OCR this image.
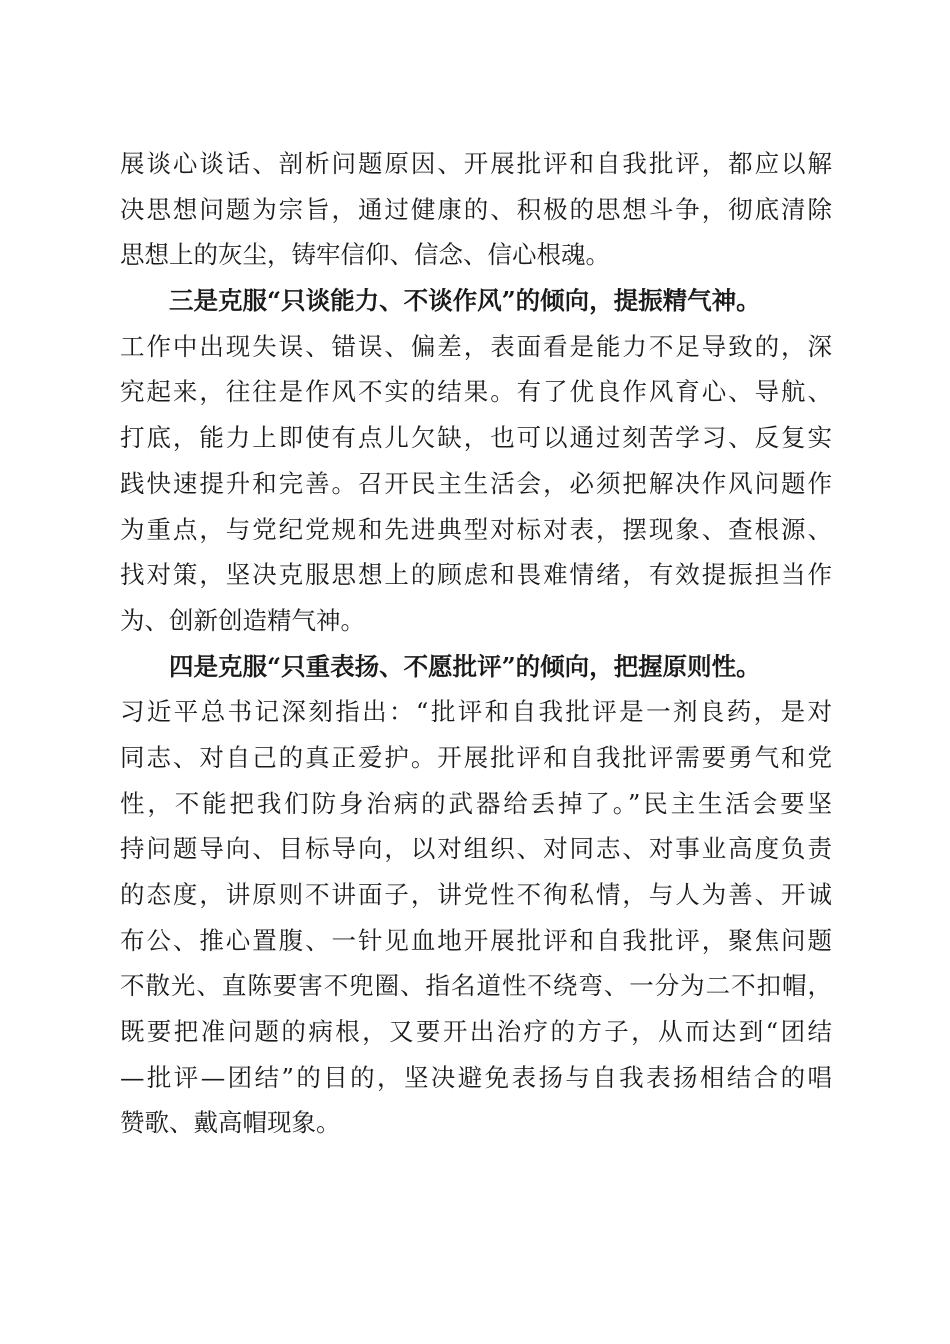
展谈心谈话、剖析问题原因、开展批评和自我批评，都应以解
决思想问题为宗旨，通过健康的、积极的思想斗争，彻底清除
思想上的灰尘，铸牢信仰、信念、信心根魂。
三是克服“只谈能力、不谈作风”的倾向，提振精气神。
工作中出现失误、错误、偏差，表面看是能力不足导致的，深
究起来，往往是作风不实的结果。有了优良作风育心、导航、
打底，能力上即使有点儿欠缺，也可以通过刻苦学习、反复实
践快速提升和完善。召开民主生活会，必须把解决作风问题作
为重点，与党纪党规和先进典型对标对表，摆现象、查根源、
找对策，坚决克服思想上的顾虑和畏难情绪，有效提振担当作
为、创新创造精气神。
四是克服“只重表扬、不愿批评”的倾向，把握原则性。
习近平总书记深刻指出：“批评和自我批评是一剂良药，是对
同志、对自己的真正爱护。开展批评和自我批评需要勇气和党
性，不能把我们防身治病的武器给丢掉了。”民主生活会要坚
持问题导向、目标导向，以对组织、对同志、对事业高度负责
的态度，讲原则不讲面子，讲党性不徇私情，与人为善、开诚
布公、推心置腹、一针见血地开展批评和自我批评，聚焦问题
不散光、直陈要害不兜圈、指名道性不绕弯、一分为二不扣帽，
既要把准问题的病根，又要开出治疗的方子，从而达到“团结
—批评—团结”的目的，坚决避免表扬与自我表扬相结合的唱
赞歌、戴高帽现象。
